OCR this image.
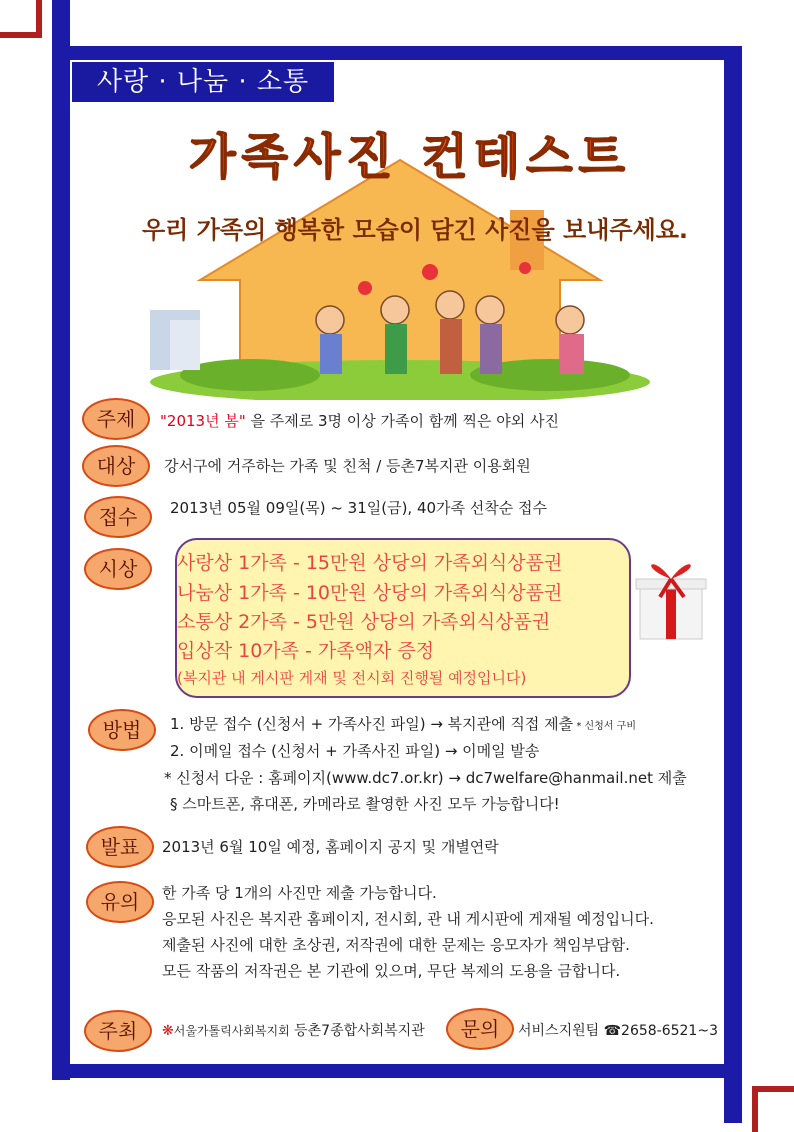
사랑 · 나눔 · 소통
가족사진 컨테스트
우리 가족의 행복한 모습이 담긴 사진을 보내주세요.
주제	"2013년 봄" 을 주제로 3명 이상 가족이 함께 찍은 야외 사진
대상	강서구에 거주하는 가족 및 친척 / 등촌7복지관 이용회원
접수	2013년 05월 09일(목) ~ 31일(금), 40가족 선착순 접수
시상	사랑상 1가족 - 15만원 상당의 가족외식상품권
나눔상 1가족 - 10만원 상당의 가족외식상품권
소통상 2가족 - 5만원 상당의 가족외식상품권
입상작 10가족 - 가족액자 증정
(복지관 내 게시판 게재 및 전시회 진행될 예정입니다)
방법	1. 방문 접수 (신청서 + 가족사진 파일) → 복지관에 직접 제출 * 신청서 구비
2. 이메일 접수 (신청서 + 가족사진 파일) → 이메일 발송
* 신청서 다운 : 홈페이지(www.dc7.or.kr) → dc7welfare@hanmail.net 제출
§ 스마트폰, 휴대폰, 카메라로 촬영한 사진 모두 가능합니다!
발표	2013년 6월 10일 예정, 홈페이지 공지 및 개별연락
유의	한 가족 당 1개의 사진만 제출 가능합니다.
응모된 사진은 복지관 홈페이지, 전시회, 관 내 게시판에 게재될 예정입니다.
제출된 사진에 대한 초상권, 저작권에 대한 문제는 응모자가 책임부담함.
모든 작품의 저작권은 본 기관에 있으며, 무단 복제의 도용을 금합니다.
주최	❋서울가톨릭사회복지회 등촌7종합사회복지관	문의	서비스지원팀 ☎2658-6521~3
